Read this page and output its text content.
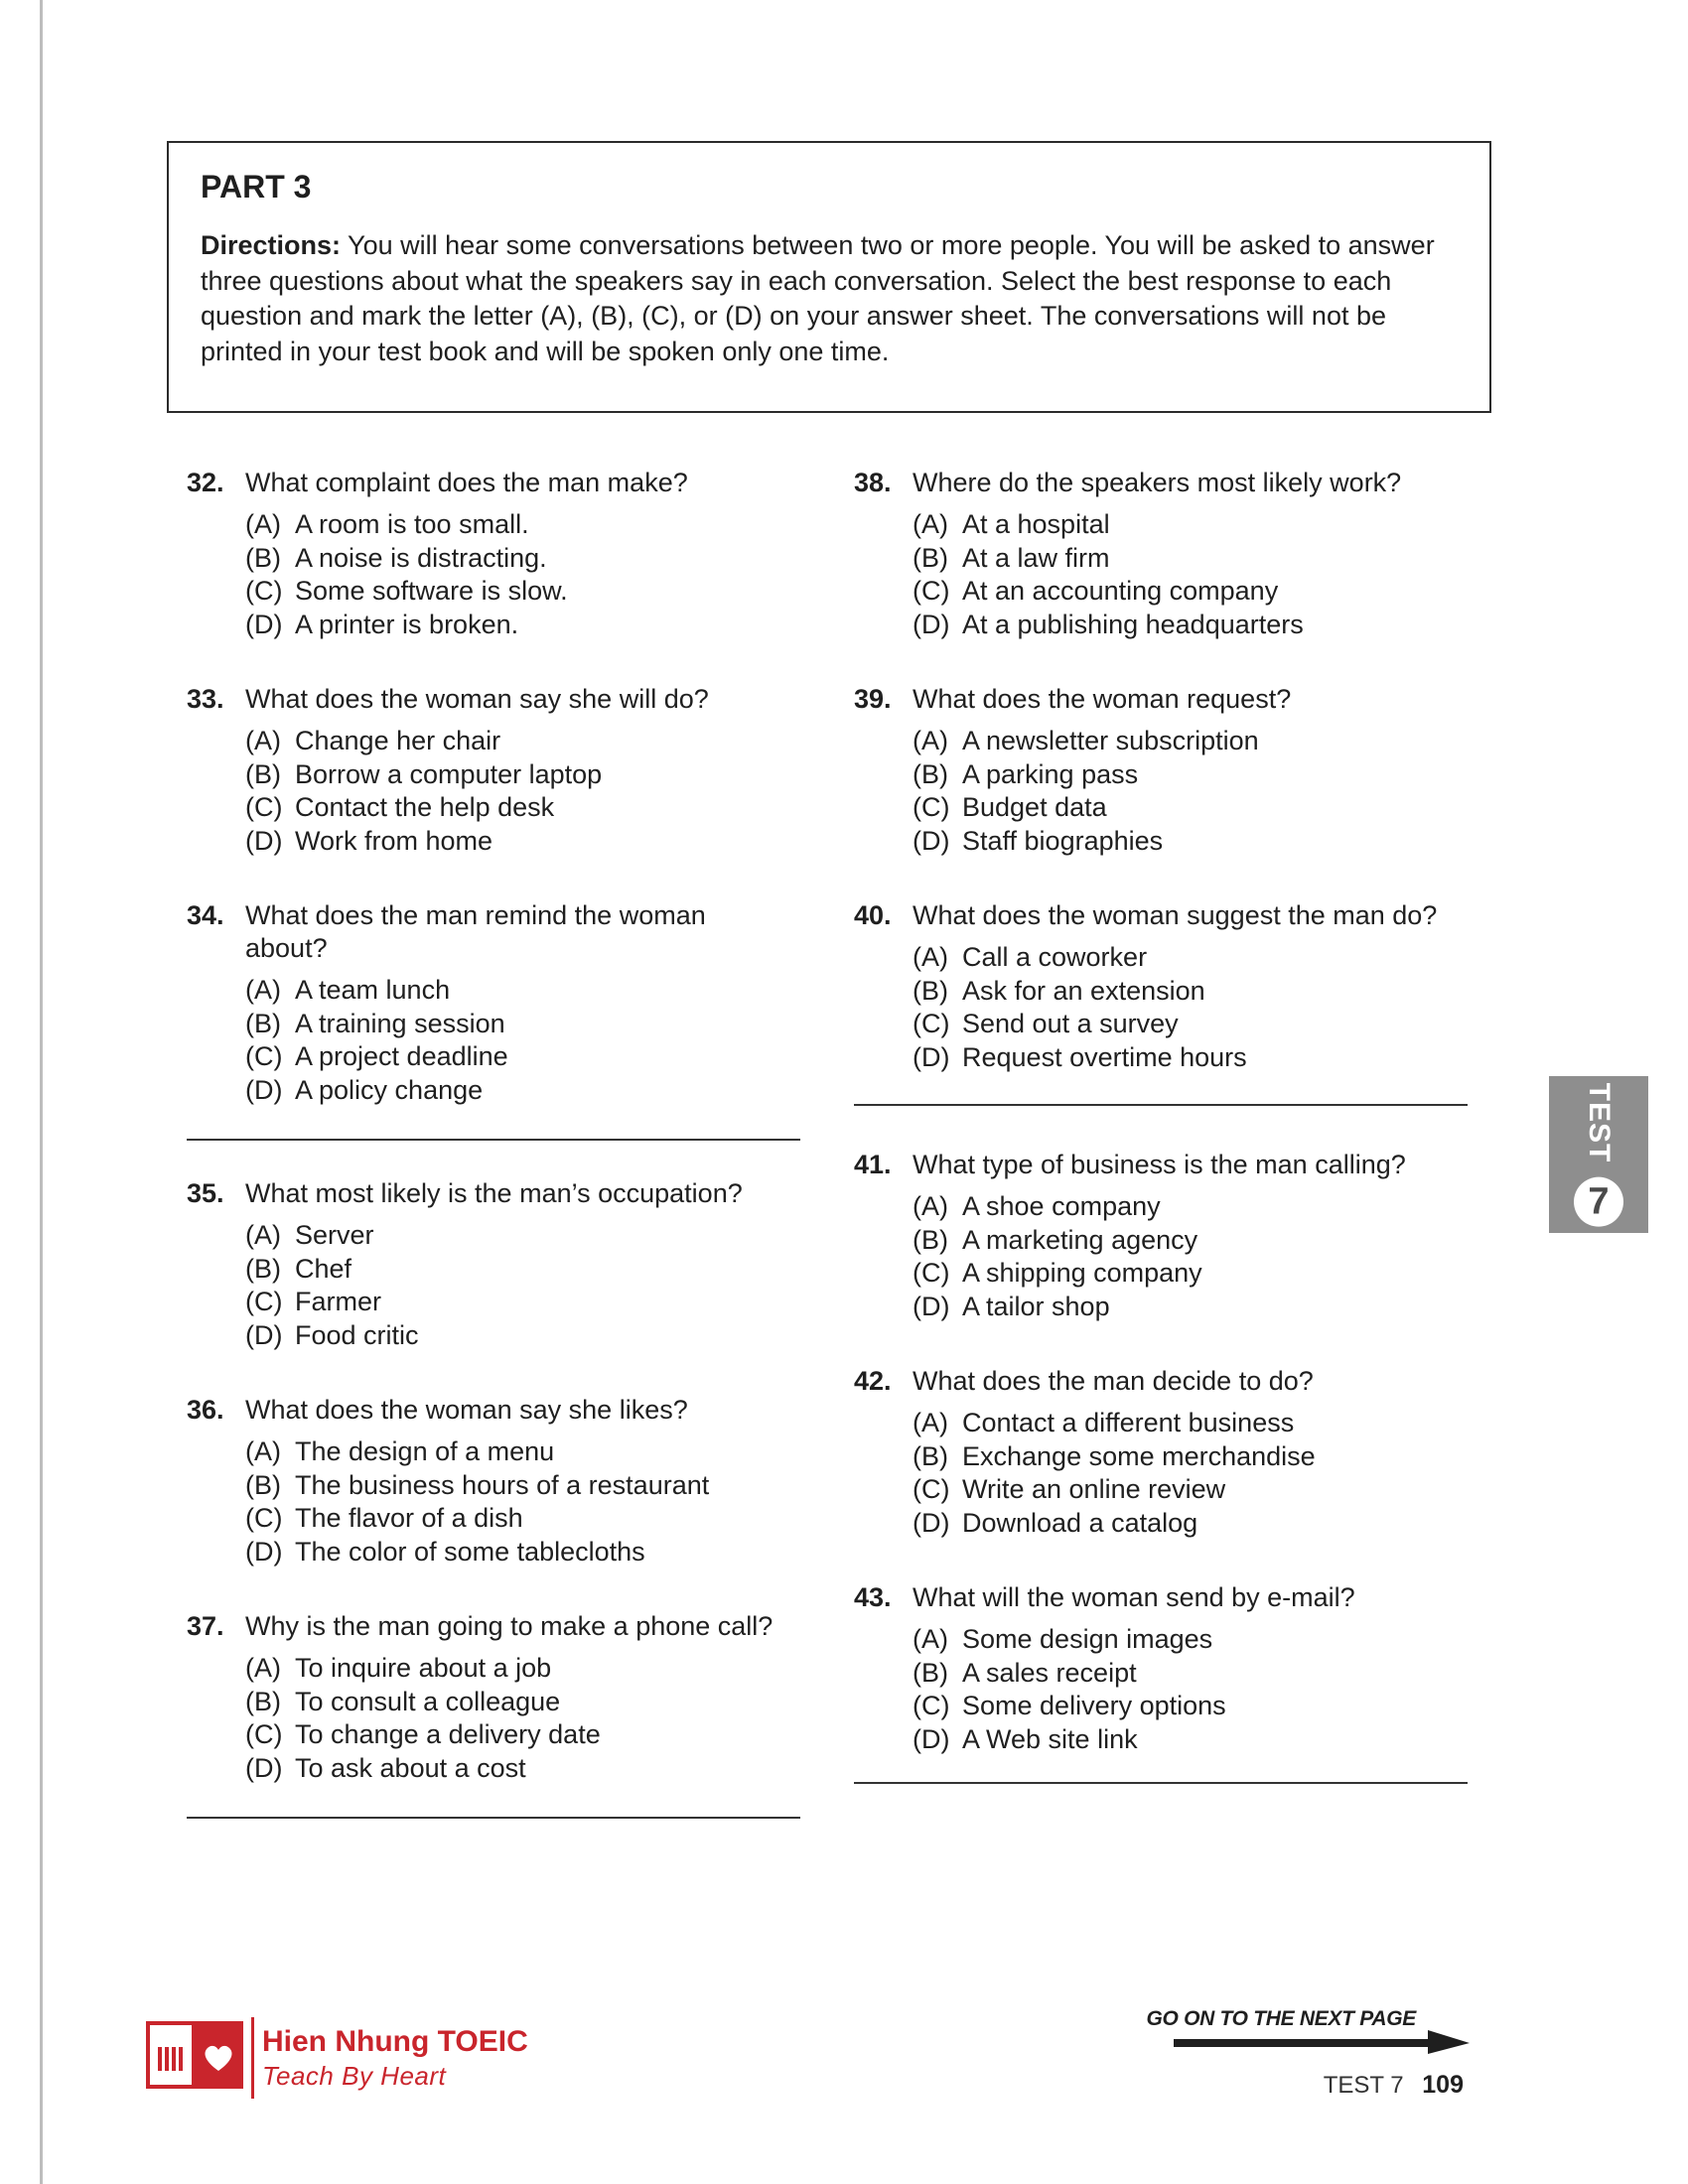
PART 3

Directions: You will hear some conversations between two or more people. You will be asked to answer three questions about what the speakers say in each conversation. Select the best response to each question and mark the letter (A), (B), (C), or (D) on your answer sheet. The conversations will not be printed in your test book and will be spoken only one time.

32. What complaint does the man make?
(A) A room is too small.
(B) A noise is distracting.
(C) Some software is slow.
(D) A printer is broken.
33. What does the woman say she will do?
(A) Change her chair
(B) Borrow a computer laptop
(C) Contact the help desk
(D) Work from home
34. What does the man remind the woman about?
(A) A team lunch
(B) A training session
(C) A project deadline
(D) A policy change
35. What most likely is the man’s occupation?
(A) Server
(B) Chef
(C) Farmer
(D) Food critic
36. What does the woman say she likes?
(A) The design of a menu
(B) The business hours of a restaurant
(C) The flavor of a dish
(D) The color of some tablecloths
37. Why is the man going to make a phone call?
(A) To inquire about a job
(B) To consult a colleague
(C) To change a delivery date
(D) To ask about a cost
38. Where do the speakers most likely work?
(A) At a hospital
(B) At a law firm
(C) At an accounting company
(D) At a publishing headquarters
39. What does the woman request?
(A) A newsletter subscription
(B) A parking pass
(C) Budget data
(D) Staff biographies
40. What does the woman suggest the man do?
(A) Call a coworker
(B) Ask for an extension
(C) Send out a survey
(D) Request overtime hours
41. What type of business is the man calling?
(A) A shoe company
(B) A marketing agency
(C) A shipping company
(D) A tailor shop
42. What does the man decide to do?
(A) Contact a different business
(B) Exchange some merchandise
(C) Write an online review
(D) Download a catalog
43. What will the woman send by e-mail?
(A) Some design images
(B) A sales receipt
(C) Some delivery options
(D) A Web site link
TEST
7
Hien Nhung TOEIC
Teach By Heart
GO ON TO THE NEXT PAGE
TEST 7 109
